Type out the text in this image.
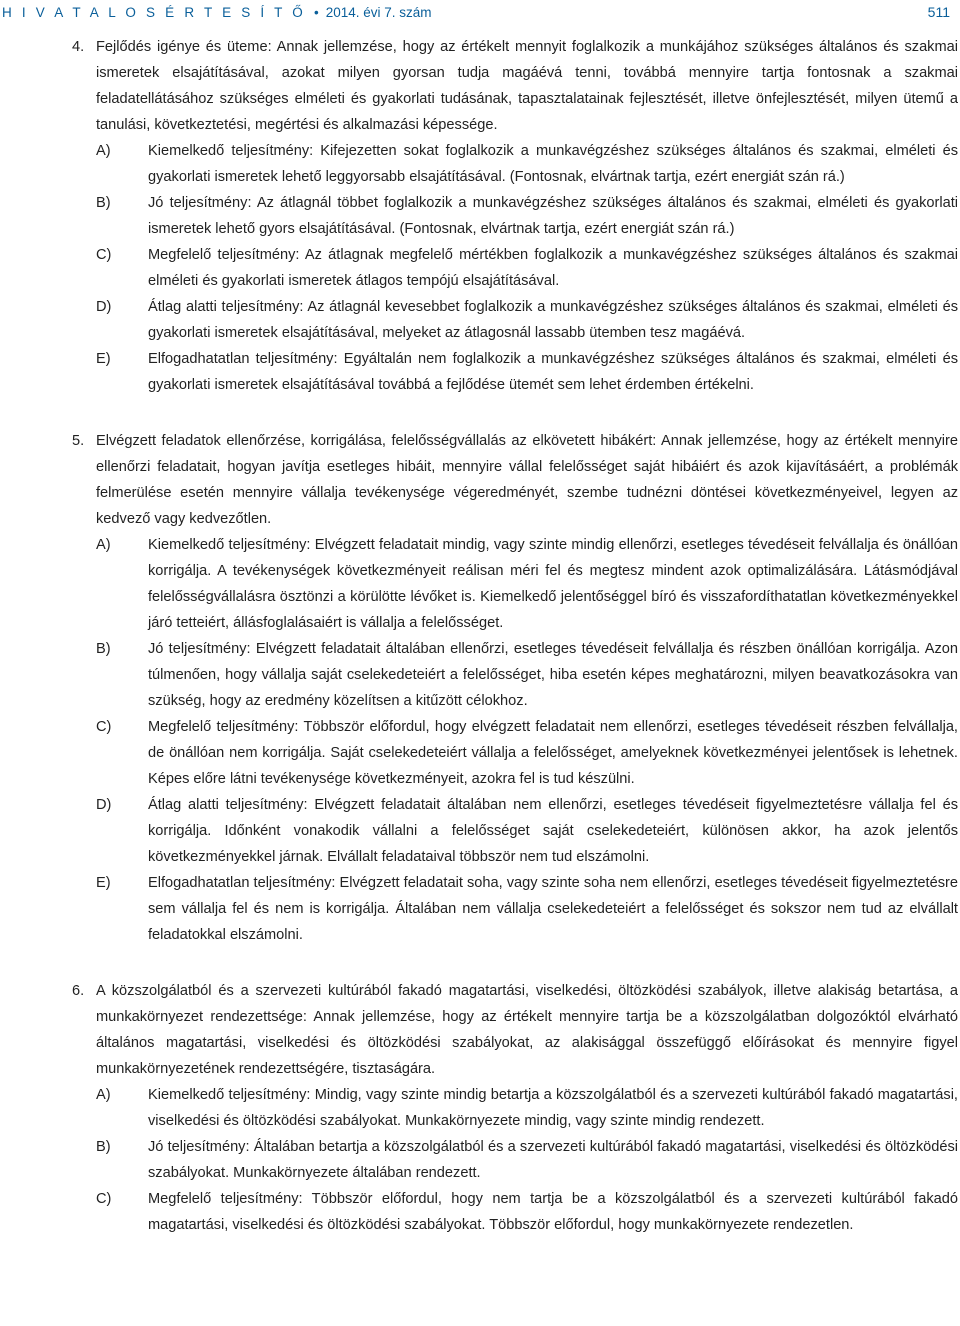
H I V A T A L O S É R T E S Í T Ő • 2014. évi 7. szám	511
4. Fejlődés igénye és üteme: Annak jellemzése, hogy az értékelt mennyit foglalkozik a munkájához szükséges általános és szakmai ismeretek elsajátításával, azokat milyen gyorsan tudja magáévá tenni, továbbá mennyire tartja fontosnak a szakmai feladatellátásához szükséges elméleti és gyakorlati tudásának, tapasztalatainak fejlesztését, illetve önfejlesztését, milyen ütemű a tanulási, következtetési, megértési és alkalmazási képessége.
A)	Kiemelkedő teljesítmény: Kifejezetten sokat foglalkozik a munkavégzéshez szükséges általános és szakmai, elméleti és gyakorlati ismeretek lehető leggyorsabb elsajátításával. (Fontosnak, elvártnak tartja, ezért energiát szán rá.)
B)	Jó teljesítmény: Az átlagnál többet foglalkozik a munkavégzéshez szükséges általános és szakmai, elméleti és gyakorlati ismeretek lehető gyors elsajátításával. (Fontosnak, elvártnak tartja, ezért energiát szán rá.)
C)	Megfelelő teljesítmény: Az átlagnak megfelelő mértékben foglalkozik a munkavégzéshez szükséges általános és szakmai elméleti és gyakorlati ismeretek átlagos tempójú elsajátításával.
D)	Átlag alatti teljesítmény: Az átlagnál kevesebbet foglalkozik a munkavégzéshez szükséges általános és szakmai, elméleti és gyakorlati ismeretek elsajátításával, melyeket az átlagosnál lassabb ütemben tesz magáévá.
E)	Elfogadhatatlan teljesítmény: Egyáltalán nem foglalkozik a munkavégzéshez szükséges általános és szakmai, elméleti és gyakorlati ismeretek elsajátításával továbbá a fejlődése ütemét sem lehet érdemben értékelni.
5. Elvégzett feladatok ellenőrzése, korrigálása, felelősségvállalás az elkövetett hibákért: Annak jellemzése, hogy az értékelt mennyire ellenőrzi feladatait, hogyan javítja esetleges hibáit, mennyire vállal felelősséget saját hibáiért és azok kijavításáért, a problémák felmerülése esetén mennyire vállalja tevékenysége végeredményét, szembe tudnézni döntései következményeivel, legyen az kedvező vagy kedvezőtlen.
A)	Kiemelkedő teljesítmény: Elvégzett feladatait mindig, vagy szinte mindig ellenőrzi, esetleges tévedéseit felvállalja és önállóan korrigálja. A tevékenységek következményeit reálisan méri fel és megtesz mindent azok optimalizálására. Látásmódjával felelősségvállalásra ösztönzi a körülötte lévőket is. Kiemelkedő jelentőséggel bíró és visszafordíthatatlan következményekkel járó tetteiért, állásfoglalásaiért is vállalja a felelősséget.
B)	Jó teljesítmény: Elvégzett feladatait általában ellenőrzi, esetleges tévedéseit felvállalja és részben önállóan korrigálja. Azon túlmenően, hogy vállalja saját cselekedeteiért a felelősséget, hiba esetén képes meghatározni, milyen beavatkozásokra van szükség, hogy az eredmény közelítsen a kitűzött célokhoz.
C)	Megfelelő teljesítmény: Többször előfordul, hogy elvégzett feladatait nem ellenőrzi, esetleges tévedéseit részben felvállalja, de önállóan nem korrigálja. Saját cselekedeteiért vállalja a felelősséget, amelyeknek következményei jelentősek is lehetnek. Képes előre látni tevékenysége következményeit, azokra fel is tud készülni.
D)	Átlag alatti teljesítmény: Elvégzett feladatait általában nem ellenőrzi, esetleges tévedéseit figyelmeztetésre vállalja fel és korrigálja. Időnként vonakodik vállalni a felelősséget saját cselekedeteiért, különösen akkor, ha azok jelentős következményekkel járnak. Elvállalt feladataival többször nem tud elszámolni.
E)	Elfogadhatatlan teljesítmény: Elvégzett feladatait soha, vagy szinte soha nem ellenőrzi, esetleges tévedéseit figyelmeztetésre sem vállalja fel és nem is korrigálja. Általában nem vállalja cselekedeteiért a felelősséget és sokszor nem tud az elvállalt feladatokkal elszámolni.
6. A közszolgálatból és a szervezeti kultúrából fakadó magatartási, viselkedési, öltözködési szabályok, illetve alakiság betartása, a munkakörnyezet rendezettsége: Annak jellemzése, hogy az értékelt mennyire tartja be a közszolgálatban dolgozóktól elvárható általános magatartási, viselkedési és öltözködési szabályokat, az alakisággal összefüggő előírásokat és mennyire figyel munkakörnyezetének rendezettségére, tisztaságára.
A)	Kiemelkedő teljesítmény: Mindig, vagy szinte mindig betartja a közszolgálatból és a szervezeti kultúrából fakadó magatartási, viselkedési és öltözködési szabályokat. Munkakörnyezete mindig, vagy szinte mindig rendezett.
B)	Jó teljesítmény: Általában betartja a közszolgálatból és a szervezeti kultúrából fakadó magatartási, viselkedési és öltözködési szabályokat. Munkakörnyezete általában rendezett.
C)	Megfelelő teljesítmény: Többször előfordul, hogy nem tartja be a közszolgálatból és a szervezeti kultúrából fakadó magatartási, viselkedési és öltözködési szabályokat. Többször előfordul, hogy munkakörnyezete rendezetlen.
